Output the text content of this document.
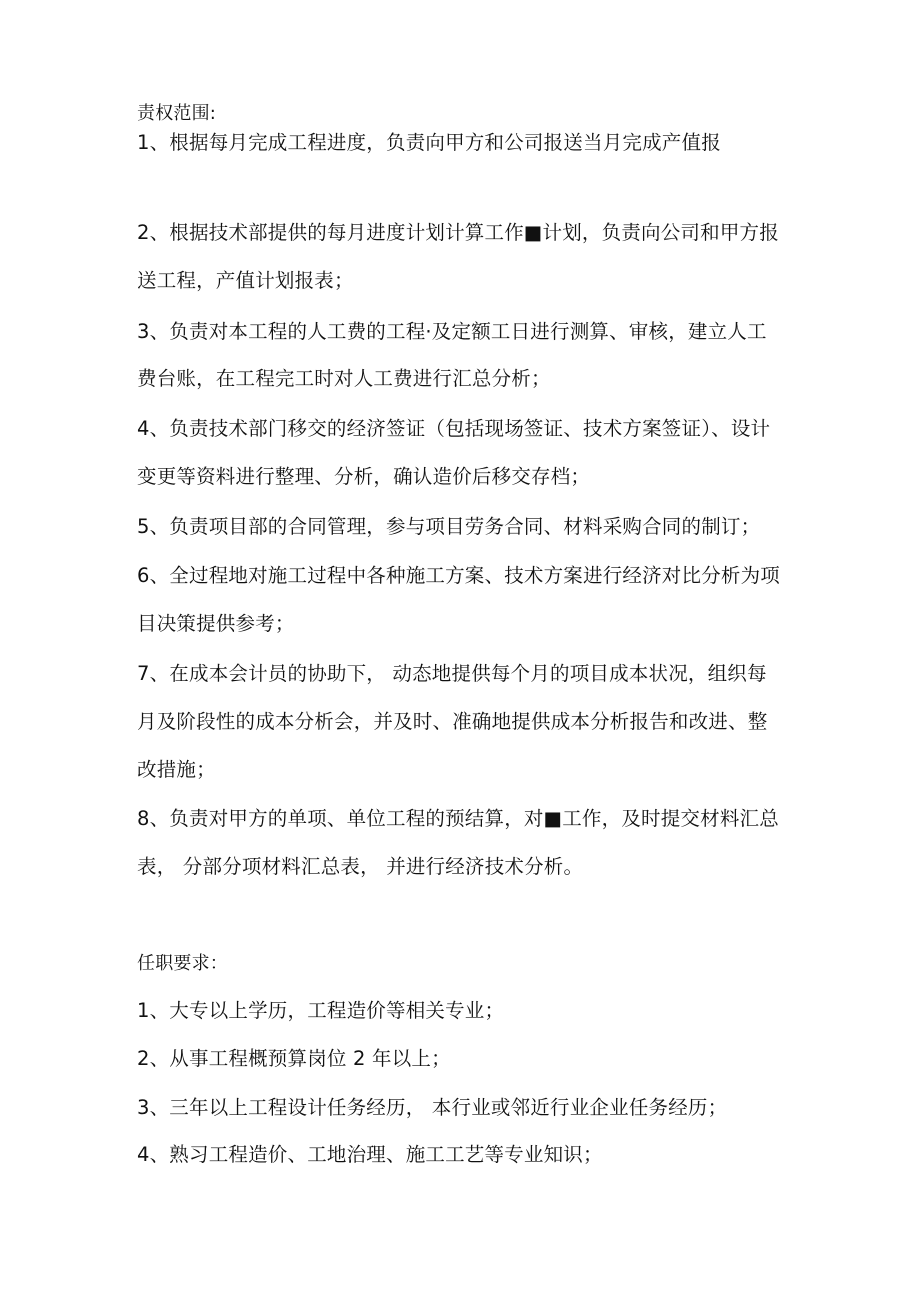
责权范围:
1、根据每月完成工程进度，负责向甲方和公司报送当月完成产值报
2、根据技术部提供的每月进度计划计算工作■计划，负责向公司和甲方报
送工程，产值计划报表；
3、负责对本工程的人工费的工程·及定额工日进行测算、审核，建立人工
费台账，在工程完工时对人工费进行汇总分析；
4、负责技术部门移交的经济签证（包括现场签证、技术方案签证）、设计
变更等资料进行整理、分析，确认造价后移交存档；
5、负责项目部的合同管理，参与项目劳务合同、材料采购合同的制订；
6、全过程地对施工过程中各种施工方案、技术方案进行经济对比分析为项
目决策提供参考；
7、在成本会计员的协助下， 动态地提供每个月的项目成本状况，组织每
月及阶段性的成本分析会，并及时、准确地提供成本分析报告和改进、整
改措施；
8、负责对甲方的单项、单位工程的预结算，对■工作，及时提交材料汇总
表， 分部分项材料汇总表， 并进行经济技术分析。
任职要求：
1、大专以上学历，工程造价等相关专业；
2、从事工程概预算岗位 2 年以上；
3、三年以上工程设计任务经历， 本行业或邻近行业企业任务经历；
4、熟习工程造价、工地治理、施工工艺等专业知识；
